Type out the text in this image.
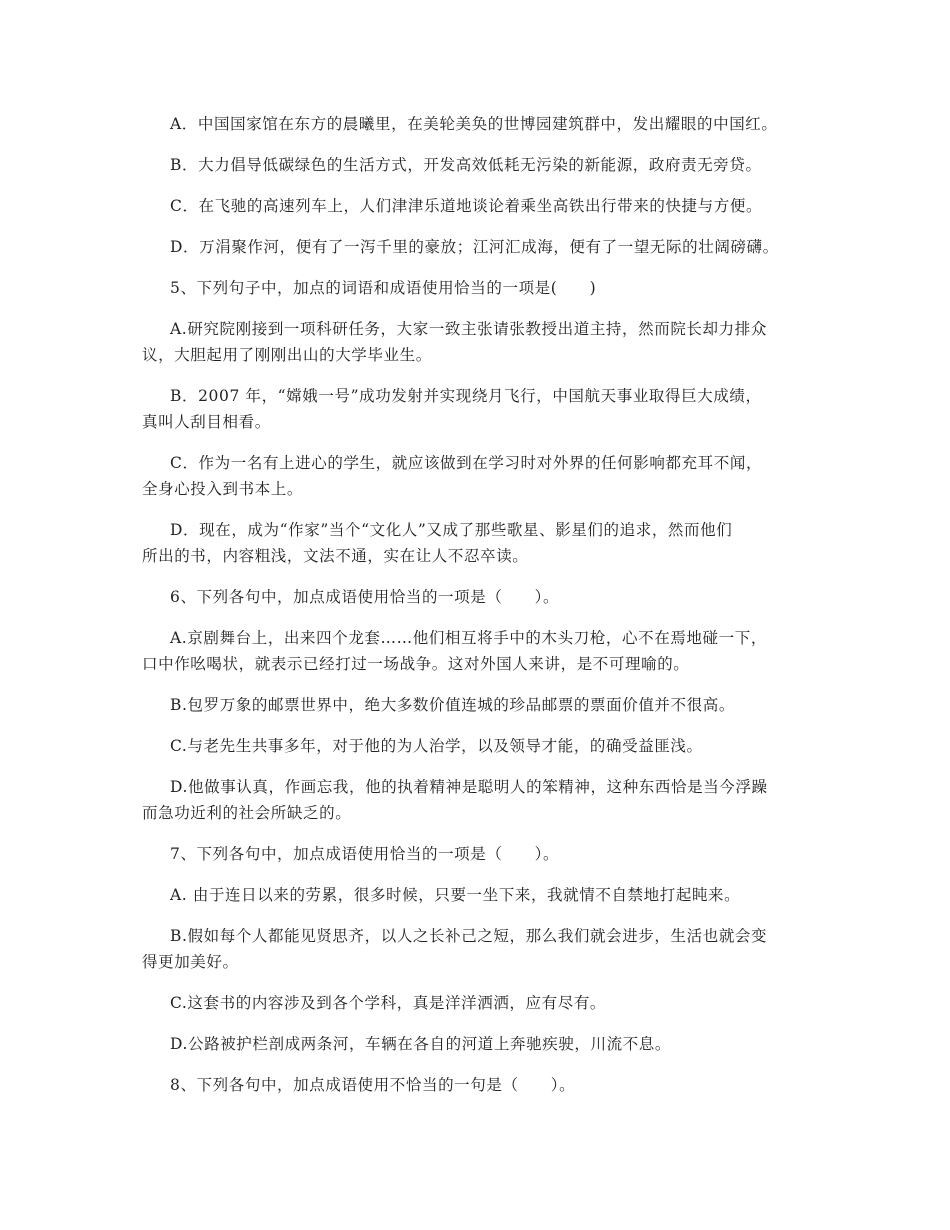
A．中国国家馆在东方的晨曦里，在美轮美奂的世博园建筑群中，发出耀眼的中国红。
B．大力倡导低碳绿色的生活方式，开发高效低耗无污染的新能源，政府责无旁贷。
C．在飞驰的高速列车上，人们津津乐道地谈论着乘坐高铁出行带来的快捷与方便。
D．万涓聚作河，便有了一泻千里的豪放；江河汇成海，便有了一望无际的壮阔磅礴。
5、下列句子中，加点的词语和成语使用恰当的一项是(　　)
A.研究院刚接到一项科研任务，大家一致主张请张教授出道主持，然而院长却力排众
议，大胆起用了刚刚出山的大学毕业生。
B．2007 年，“嫦娥一号”成功发射并实现绕月飞行，中国航天事业取得巨大成绩，
真叫人刮目相看。
C．作为一名有上进心的学生，就应该做到在学习时对外界的任何影响都充耳不闻，
全身心投入到书本上。
D．现在，成为“作家”当个“文化人”又成了那些歌星、影星们的追求，然而他们
所出的书，内容粗浅，文法不通，实在让人不忍卒读。
6、下列各句中，加点成语使用恰当的一项是（　　）。
A.京剧舞台上，出来四个龙套……他们相互将手中的木头刀枪，心不在焉地碰一下，
口中作吆喝状，就表示已经打过一场战争。这对外国人来讲，是不可理喻的。
B.包罗万象的邮票世界中，绝大多数价值连城的珍品邮票的票面价值并不很高。
C.与老先生共事多年，对于他的为人治学，以及领导才能，的确受益匪浅。
D.他做事认真，作画忘我，他的执着精神是聪明人的笨精神，这种东西恰是当今浮躁
而急功近利的社会所缺乏的。
7、下列各句中，加点成语使用恰当的一项是（　　）。
A. 由于连日以来的劳累，很多时候，只要一坐下来，我就情不自禁地打起盹来。
B.假如每个人都能见贤思齐，以人之长补己之短，那么我们就会进步，生活也就会变
得更加美好。
C.这套书的内容涉及到各个学科，真是洋洋洒洒，应有尽有。
D.公路被护栏剖成两条河，车辆在各自的河道上奔驰疾驶，川流不息。
8、下列各句中，加点成语使用不恰当的一句是（　　）。
